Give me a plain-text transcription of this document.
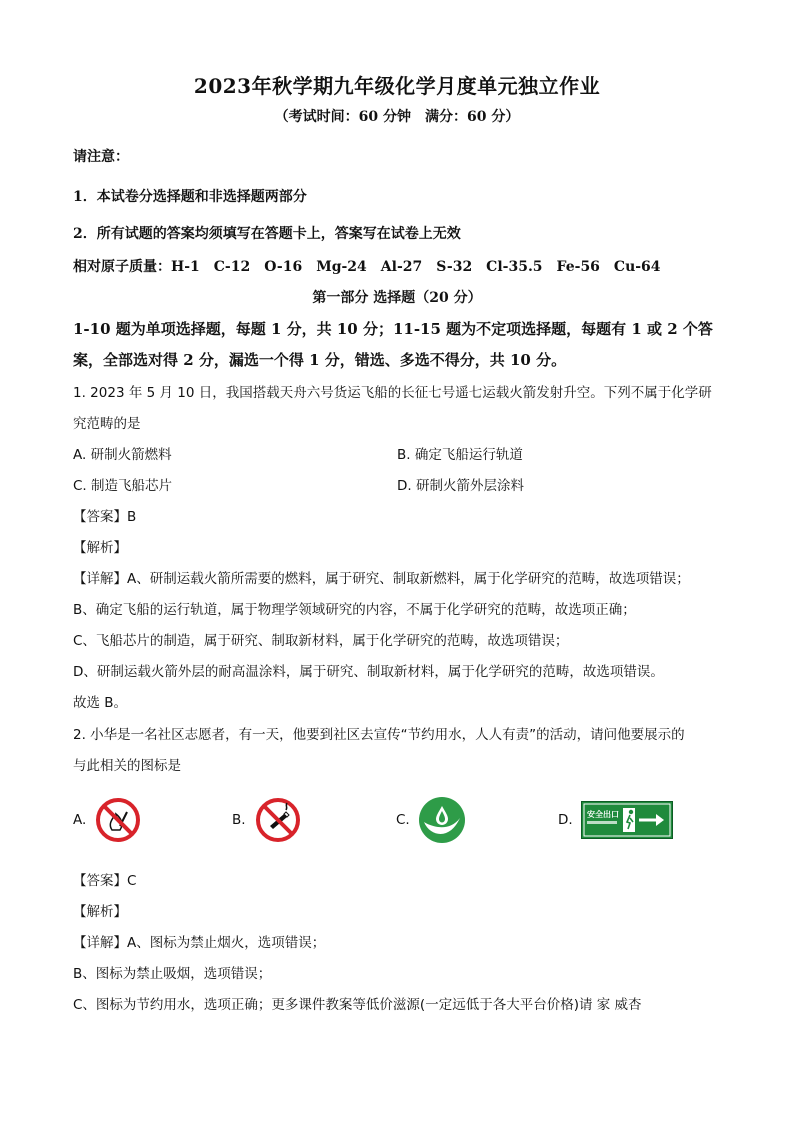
2023年秋学期九年级化学月度单元独立作业
（考试时间：60 分钟　满分：60 分）
请注意：
1．本试卷分选择题和非选择题两部分
2．所有试题的答案均须填写在答题卡上，答案写在试卷上无效
相对原子质量：H-1　C-12　O-16　Mg-24　Al-27　S-32　Cl-35.5　Fe-56　Cu-64
第一部分 选择题（20 分）
1-10 题为单项选择题，每题 1 分，共 10 分；11-15 题为不定项选择题，每题有 1 或 2 个答
案，全部选对得 2 分，漏选一个得 1 分，错选、多选不得分，共 10 分。
1. 2023 年 5 月 10 日，我国搭载天舟六号货运飞船的长征七号遥七运载火箭发射升空。下列不属于化学研
究范畴的是
A. 研制火箭燃料	B. 确定飞船运行轨道
C. 制造飞船芯片	D. 研制火箭外层涂料
【答案】B
【解析】
【详解】A、研制运载火箭所需要的燃料，属于研究、制取新燃料，属于化学研究的范畴，故选项错误；
B、确定飞船的运行轨道，属于物理学领域研究的内容，不属于化学研究的范畴，故选项正确；
C、飞船芯片的制造，属于研究、制取新材料，属于化学研究的范畴，故选项错误；
D、研制运载火箭外层的耐高温涂料，属于研究、制取新材料，属于化学研究的范畴，故选项错误。
故选 B。
2. 小华是一名社区志愿者，有一天，他要到社区去宣传“节约用水，人人有责”的活动，请问他要展示的
与此相关的图标是
A.	B.	C.	D. 安全出口
【答案】C
【解析】
【详解】A、图标为禁止烟火，选项错误；
B、图标为禁止吸烟，选项错误；
C、图标为节约用水，选项正确；更多课件教案等低价滋源(一定远低于各大平台价格)请 家 威杏
